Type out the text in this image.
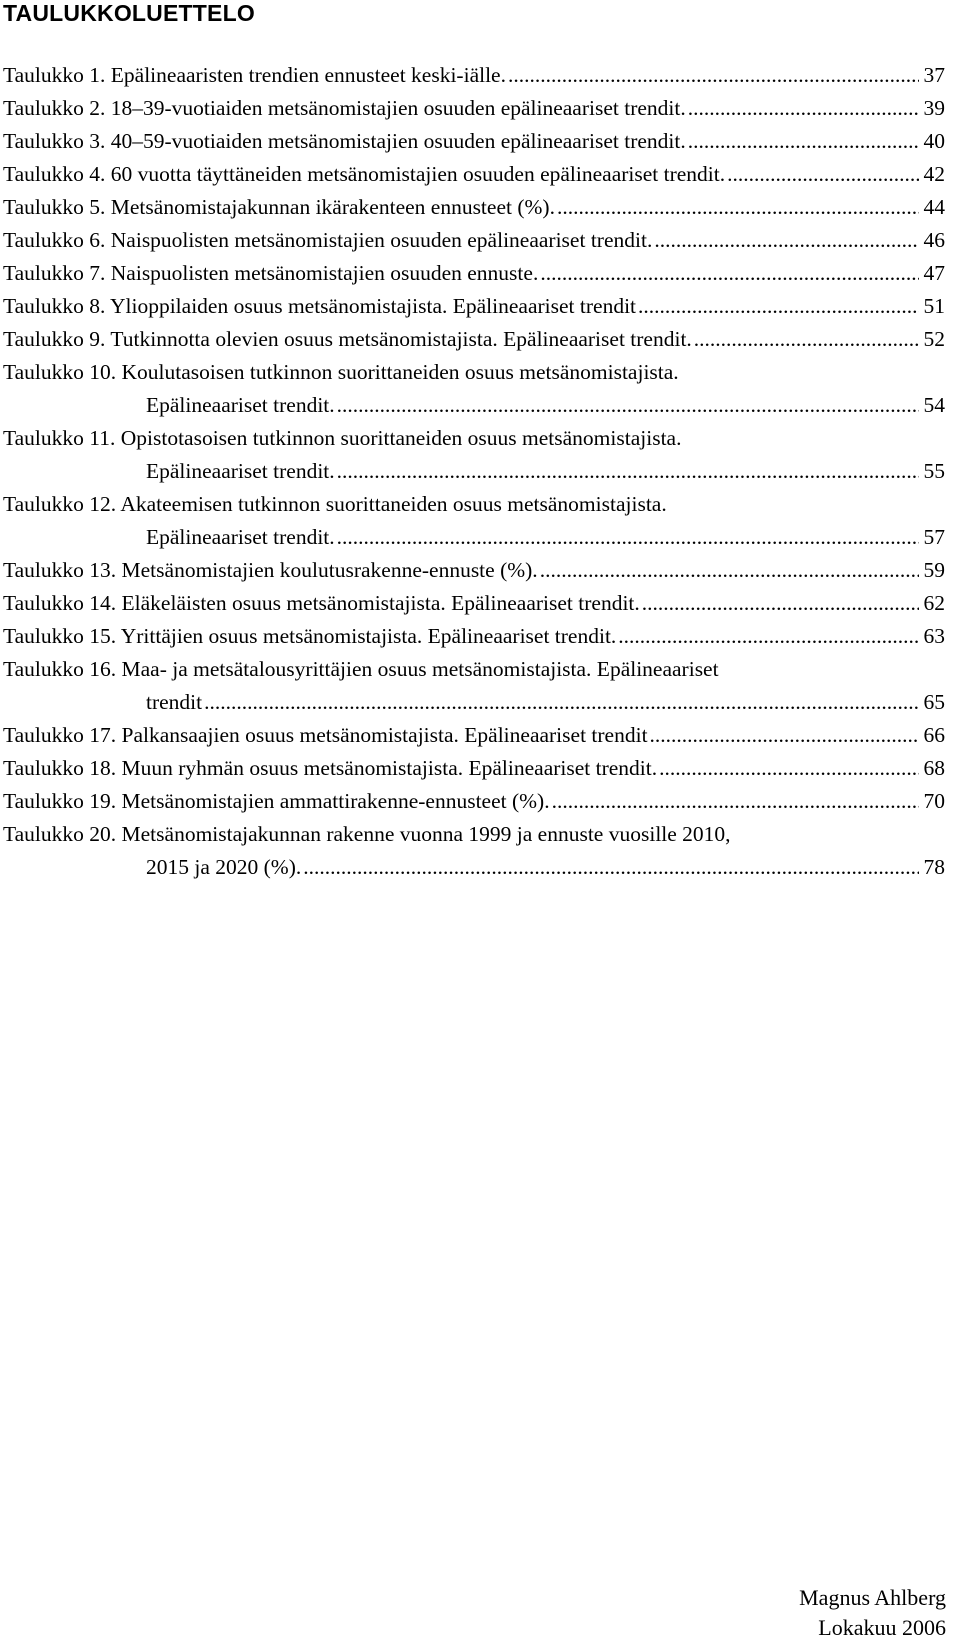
TAULUKKOLUETTELO
Taulukko 1. Epälineaaristen trendien ennusteet keski-iälle. .....	37
Taulukko 2. 18–39-vuotiaiden metsänomistajien osuuden epälineaariset trendit. .....	39
Taulukko 3. 40–59-vuotiaiden metsänomistajien osuuden epälineaariset trendit. .....	40
Taulukko 4. 60 vuotta täyttäneiden metsänomistajien osuuden epälineaariset trendit. .....	42
Taulukko 5. Metsänomistajakunnan ikärakenteen ennusteet (%). .....	44
Taulukko 6. Naispuolisten metsänomistajien osuuden epälineaariset trendit. .....	46
Taulukko 7. Naispuolisten metsänomistajien osuuden ennuste. .....	47
Taulukko 8. Ylioppilaiden osuus metsänomistajista. Epälineaariset trendit .....	51
Taulukko 9. Tutkinnotta olevien osuus metsänomistajista. Epälineaariset trendit. .....	52
Taulukko 10. Koulutasoisen tutkinnon suorittaneiden osuus metsänomistajista.
Epälineaariset trendit. .....	54
Taulukko 11. Opistotasoisen tutkinnon suorittaneiden osuus metsänomistajista.
Epälineaariset trendit. .....	55
Taulukko 12. Akateemisen tutkinnon suorittaneiden osuus metsänomistajista.
Epälineaariset trendit. .....	57
Taulukko 13. Metsänomistajien koulutusrakenne-ennuste (%). .....	59
Taulukko 14. Eläkeläisten osuus metsänomistajista. Epälineaariset trendit. .....	62
Taulukko 15. Yrittäjien osuus metsänomistajista. Epälineaariset trendit. .....	63
Taulukko 16. Maa- ja metsätalousyrittäjien osuus metsänomistajista. Epälineaariset
trendit .....	65
Taulukko 17. Palkansaajien osuus metsänomistajista. Epälineaariset trendit .....	66
Taulukko 18. Muun ryhmän osuus metsänomistajista. Epälineaariset trendit. .....	68
Taulukko 19. Metsänomistajien ammattirakenne-ennusteet (%). .....	70
Taulukko 20. Metsänomistajakunnan rakenne vuonna 1999 ja ennuste vuosille 2010,
2015 ja 2020 (%). .....	78
Magnus Ahlberg
Lokakuu 2006
